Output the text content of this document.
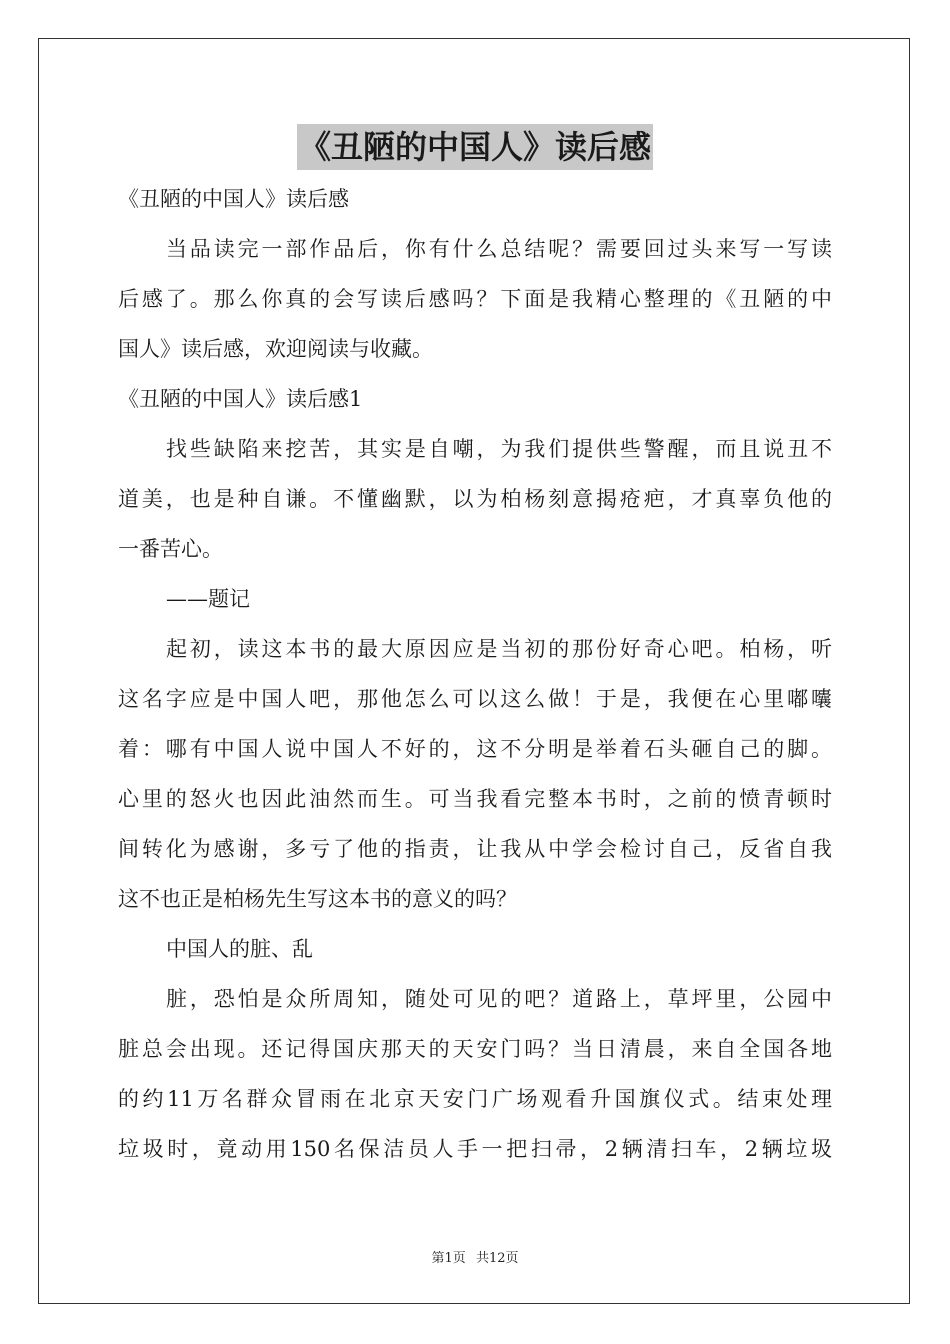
《丑陋的中国人》读后感
《丑陋的中国人》读后感
当品读完一部作品后，你有什么总结呢？需要回过头来写一写读
后感了。那么你真的会写读后感吗？下面是我精心整理的《丑陋的中
国人》读后感，欢迎阅读与收藏。
《丑陋的中国人》读后感1
找些缺陷来挖苦，其实是自嘲，为我们提供些警醒，而且说丑不
道美，也是种自谦。不懂幽默，以为柏杨刻意揭疮疤，才真辜负他的
一番苦心。
——题记
起初，读这本书的最大原因应是当初的那份好奇心吧。柏杨，听
这名字应是中国人吧，那他怎么可以这么做！于是，我便在心里嘟囔
着：哪有中国人说中国人不好的，这不分明是举着石头砸自己的脚。
心里的怒火也因此油然而生。可当我看完整本书时，之前的愤青顿时
间转化为感谢，多亏了他的指责，让我从中学会检讨自己，反省自我
这不也正是柏杨先生写这本书的意义的吗？
中国人的脏、乱
脏，恐怕是众所周知，随处可见的吧？道路上，草坪里，公园中
脏总会出现。还记得国庆那天的天安门吗？当日清晨，来自全国各地
的约11万名群众冒雨在北京天安门广场观看升国旗仪式。结束处理
垃圾时，竟动用150名保洁员人手一把扫帚，2辆清扫车，2辆垃圾
第1页 共12页
